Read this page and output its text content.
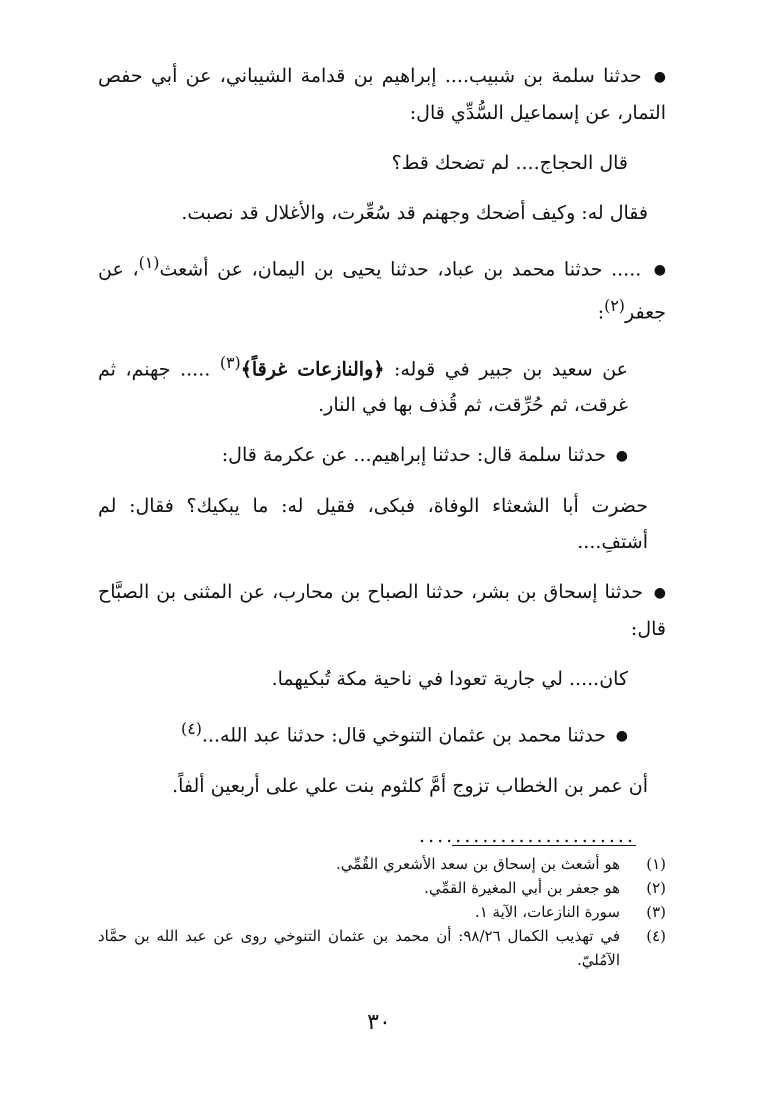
● حدثنا سلمة بن شبيب.... إبراهيم بن قدامة الشيباني، عن أبي حفص التمار، عن إسماعيل السُّدِّي قال:

قال الحجاج.... لم تضحك قط؟

فقال له: وكيف أضحك وجهنم قد سُعِّرت، والأغلال قد نصبت.

● ..... حدثنا محمد بن عباد، حدثنا يحيى بن اليمان، عن أشعث$^{(١)}$، عن جعفر$^{(٢)}$:

عن سعيد بن جبير في قوله: ﴿والنازعات غرقاً﴾$^{(٣)}$ ..... جهنم، ثم غرقت، ثم حُرِّقت، ثم قُذف بها في النار.

● حدثنا سلمة قال: حدثنا إبراهيم... عن عكرمة قال:

حضرت أبا الشعثاء الوفاة، فبكى، فقيل له: ما يبكيك؟ فقال: لم أشتفِ....

● حدثنا إسحاق بن بشر، حدثنا الصباح بن محارب، عن المثنى بن الصبَّاح قال:

كان..... لي جارية تعودا في ناحية مكة تُبكيهما.

● حدثنا محمد بن عثمان التنوخي قال: حدثنا عبد الله...$^{(٤)}$

أن عمر بن الخطاب تزوج أمَّ كلثوم بنت علي على أربعين ألفاً.

........................

(١)
هو أشعث بن إسحاق بن سعد الأشعري القُمِّي.
(٢)
هو جعفر بن أبي المغيرة القمِّي.
(٣)
سورة النازعات، الآية ١.
(٤)
في تهذيب الكمال ٩٨/٢٦: أن محمد بن عثمان التنوخي روى عن عبد الله بن حمَّاد الآمُليّ.
٣٠
